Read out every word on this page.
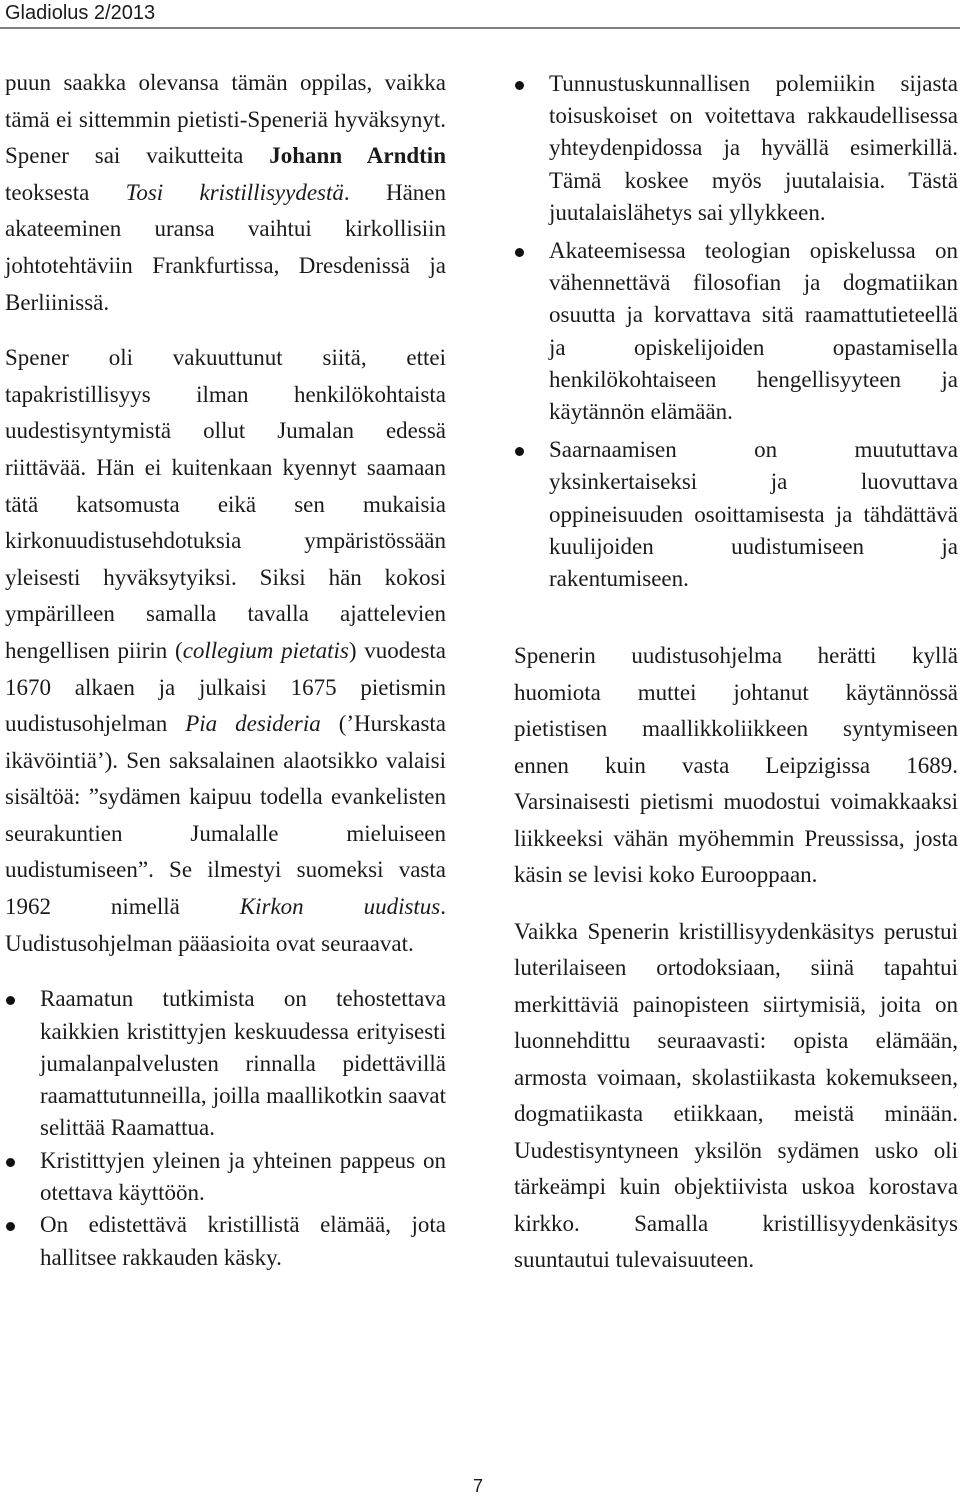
Gladiolus 2/2013

puun saakka olevansa tämän oppilas, vaikka tämä ei sittemmin pietisti-Speneriä hyväksynyt. Spener sai vaikutteita Johann Arndtin teoksesta Tosi kristillisyydestä. Hänen akateeminen uransa vaihtui kirkollisiin johtotehtäviin Frankfurtissa, Dresdenissä ja Berliinissä.

Spener oli vakuuttunut siitä, ettei tapakristillisyys ilman henkilökohtaista uudestisyntymistä ollut Jumalan edessä riittävää. Hän ei kuitenkaan kyennyt saamaan tätä katsomusta eikä sen mukaisia kirkonuudistusehdotuksia ympäristössään yleisesti hyväksytyiksi. Siksi hän kokosi ympärilleen samalla tavalla ajattelevien hengellisen piirin (collegium pietatis) vuodesta 1670 alkaen ja julkaisi 1675 pietismin uudistusohjelman Pia desideria (’Hurskasta ikävöintiä’). Sen saksalainen alaotsikko valaisi sisältöä: ”sydämen kaipuu todella evankelisten seurakuntien Jumalalle mieluiseen uudistumiseen”. Se ilmestyi suomeksi vasta 1962 nimellä Kirkon uudistus. Uudistusohjelman pääasioita ovat seuraavat.

Raamatun tutkimista on tehostettava kaikkien kristittyjen keskuudessa erityisesti jumalanpalvelusten rinnalla pidettävillä raamattutunneilla, joilla maallikotkin saavat selittää Raamattua.
Kristittyjen yleinen ja yhteinen pappeus on otettava käyttöön.
On edistettävä kristillistä elämää, jota hallitsee rakkauden käsky.
Tunnustuskunnallisen polemiikin sijasta toisuskoiset on voitettava rakkaudellisessa yhteydenpidossa ja hyvällä esimerkillä. Tämä koskee myös juutalaisia. Tästä juutalaislähetys sai yllykkeen.
Akateemisessa teologian opiskelussa on vähennettävä filosofian ja dogmatiikan osuutta ja korvattava sitä raamattutieteellä ja opiskelijoiden opastamisella henkilökohtaiseen hengellisyyteen ja käytännön elämään.
Saarnaamisen on muututtava yksinkertaiseksi ja luovuttava oppineisuuden osoittamisesta ja tähdättävä kuulijoiden uudistumiseen ja rakentumiseen.

Spenerin uudistusohjelma herätti kyllä huomiota muttei johtanut käytännössä pietistisen maallikkoliikkeen syntymiseen ennen kuin vasta Leipzigissa 1689. Varsinaisesti pietismi muodostui voimakkaaksi liikkeeksi vähän myöhemmin Preussissa, josta käsin se levisi koko Eurooppaan.

Vaikka Spenerin kristillisyydenkäsitys perustui luterilaiseen ortodoksiaan, siinä tapahtui merkittäviä painopisteen siirtymisiä, joita on luonnehdittu seuraavasti: opista elämään, armosta voimaan, skolastiikasta kokemukseen, dogmatiikasta etiikkaan, meistä minään. Uudestisyntyneen yksilön sydämen usko oli tärkeämpi kuin objektiivista uskoa korostava kirkko. Samalla kristillisyydenkäsitys suuntautui tulevaisuuteen.

7
